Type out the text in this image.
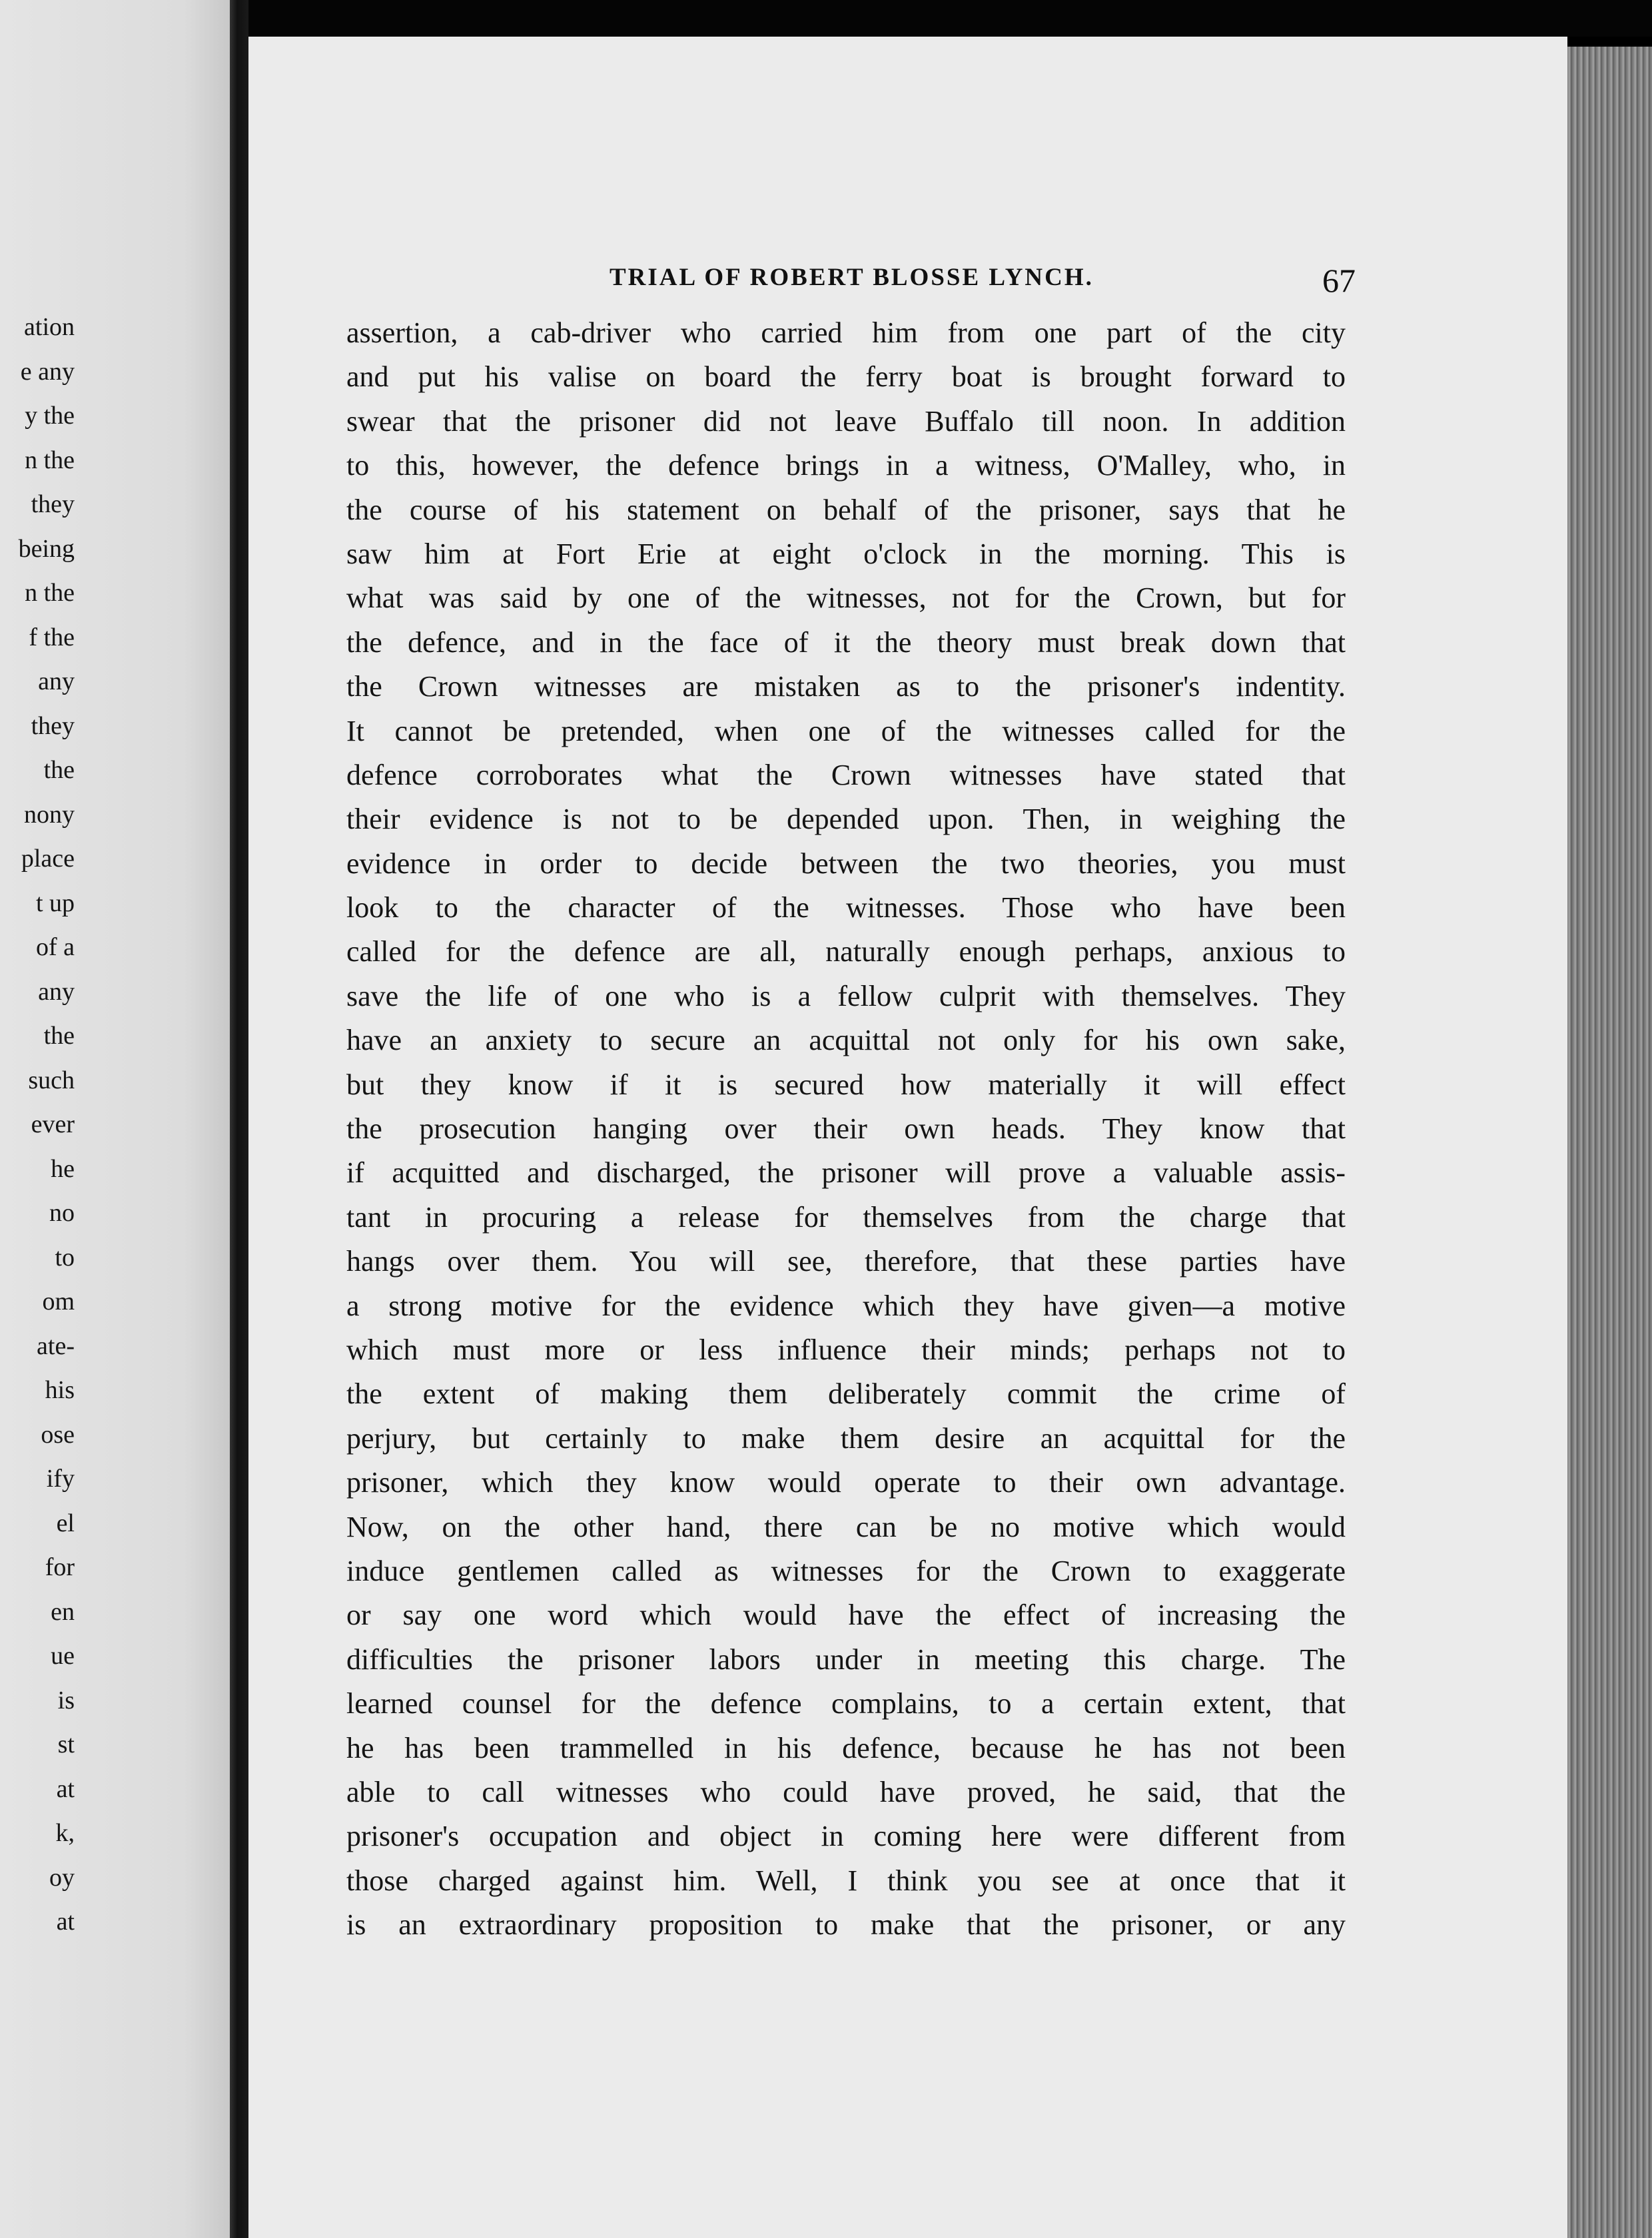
ation
e any
y the
n the
they
being
n the
f the
any
they
the
nony
place
t up
of a
any
the
such
ever
he
no
to
om
ate-
his
ose
ify
el
for
en
ue
is
st
at
k,
oy
at
TRIAL OF ROBERT BLOSSE LYNCH.	67
assertion, a cab-driver who carried him from one part of the city
and put his valise on board the ferry boat is brought forward to
swear that the prisoner did not leave Buffalo till noon. In addition
to this, however, the defence brings in a witness, O'Malley, who, in
the course of his statement on behalf of the prisoner, says that he
saw him at Fort Erie at eight o'clock in the morning. This is
what was said by one of the witnesses, not for the Crown, but for
the defence, and in the face of it the theory must break down that
the Crown witnesses are mistaken as to the prisoner's indentity.
It cannot be pretended, when one of the witnesses called for the
defence corroborates what the Crown witnesses have stated that
their evidence is not to be depended upon. Then, in weighing the
evidence in order to decide between the two theories, you must
look to the character of the witnesses. Those who have been
called for the defence are all, naturally enough perhaps, anxious to
save the life of one who is a fellow culprit with themselves. They
have an anxiety to secure an acquittal not only for his own sake,
but they know if it is secured how materially it will effect
the prosecution hanging over their own heads. They know that
if acquitted and discharged, the prisoner will prove a valuable assis-
tant in procuring a release for themselves from the charge that
hangs over them. You will see, therefore, that these parties have
a strong motive for the evidence which they have given—a motive
which must more or less influence their minds; perhaps not to
the extent of making them deliberately commit the crime of
perjury, but certainly to make them desire an acquittal for the
prisoner, which they know would operate to their own advantage.
Now, on the other hand, there can be no motive which would
induce gentlemen called as witnesses for the Crown to exaggerate
or say one word which would have the effect of increasing the
difficulties the prisoner labors under in meeting this charge. The
learned counsel for the defence complains, to a certain extent, that
he has been trammelled in his defence, because he has not been
able to call witnesses who could have proved, he said, that the
prisoner's occupation and object in coming here were different from
those charged against him. Well, I think you see at once that it
is an extraordinary proposition to make that the prisoner, or any
